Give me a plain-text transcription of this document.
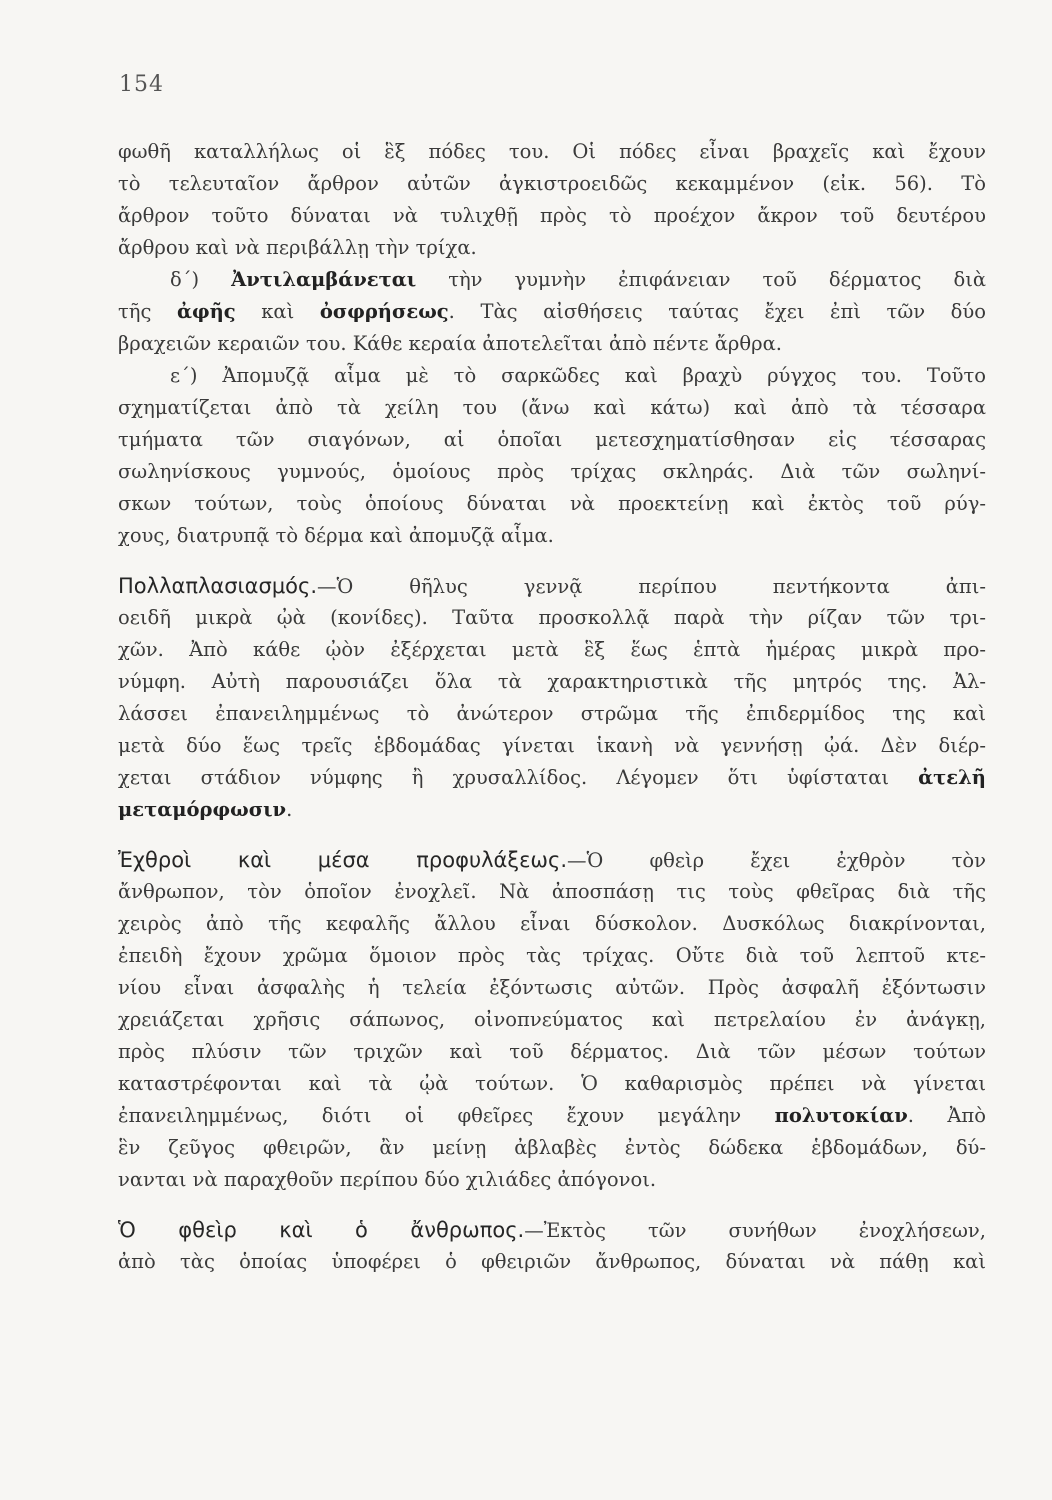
154
φωθῆ καταλλήλως οἱ ἓξ πόδες του. Οἱ πόδες εἶναι βραχεῖς καὶ ἔχουν
τὸ τελευταῖον ἄρθρον αὐτῶν ἀγκιστροειδῶς κεκαμμένον (εἰκ. 56). Τὸ
ἄρθρον τοῦτο δύναται νὰ τυλιχθῇ πρὸς τὸ προέχον ἄκρον τοῦ δευτέρου
ἄρθρου καὶ νὰ περιβάλλῃ τὴν τρίχα.
δ΄) Ἀντιλαμβάνεται τὴν γυμνὴν ἐπιφάνειαν τοῦ δέρματος διὰ
τῆς ἀφῆς καὶ ὀσφρήσεως. Τὰς αἰσθήσεις ταύτας ἔχει ἐπὶ τῶν δύο
βραχειῶν κεραιῶν του. Κάθε κεραία ἀποτελεῖται ἀπὸ πέντε ἄρθρα.
ε΄) Ἀπομυζᾷ αἷμα μὲ τὸ σαρκῶδες καὶ βραχὺ ρύγχος του. Τοῦτο
σχηματίζεται ἀπὸ τὰ χείλη του (ἄνω καὶ κάτω) καὶ ἀπὸ τὰ τέσσαρα
τμήματα τῶν σιαγόνων, αἱ ὁποῖαι μετεσχηματίσθησαν εἰς τέσσαρας
σωληνίσκους γυμνούς, ὁμοίους πρὸς τρίχας σκληράς. Διὰ τῶν σωληνί-
σκων τούτων, τοὺς ὁποίους δύναται νὰ προεκτείνῃ καὶ ἐκτὸς τοῦ ρύγ-
χους, διατρυπᾷ τὸ δέρμα καὶ ἀπομυζᾷ αἷμα.
Πολλαπλασιασμός.—Ὁ θῆλυς γεννᾷ περίπου πεντήκοντα ἀπι-
οειδῆ μικρὰ ᾠὰ (κονίδες). Ταῦτα προσκολλᾷ παρὰ τὴν ρίζαν τῶν τρι-
χῶν. Ἀπὸ κάθε ᾠὸν ἐξέρχεται μετὰ ἓξ ἕως ἑπτὰ ἡμέρας μικρὰ προ-
νύμφη. Αὐτὴ παρουσιάζει ὅλα τὰ χαρακτηριστικὰ τῆς μητρός της. Ἀλ-
λάσσει ἐπανειλημμένως τὸ ἀνώτερον στρῶμα τῆς ἐπιδερμίδος της καὶ
μετὰ δύο ἕως τρεῖς ἑβδομάδας γίνεται ἱκανὴ νὰ γεννήσῃ ᾠά. Δὲν διέρ-
χεται στάδιον νύμφης ἢ χρυσαλλίδος. Λέγομεν ὅτι ὑφίσταται ἀτελῆ
μεταμόρφωσιν.
Ἐχθροὶ καὶ μέσα προφυλάξεως.—Ὁ φθεὶρ ἔχει ἐχθρὸν τὸν
ἄνθρωπον, τὸν ὁποῖον ἐνοχλεῖ. Νὰ ἀποσπάσῃ τις τοὺς φθεῖρας διὰ τῆς
χειρὸς ἀπὸ τῆς κεφαλῆς ἄλλου εἶναι δύσκολον. Δυσκόλως διακρίνονται,
ἐπειδὴ ἔχουν χρῶμα ὅμοιον πρὸς τὰς τρίχας. Οὔτε διὰ τοῦ λεπτοῦ κτε-
νίου εἶναι ἀσφαλὴς ἡ τελεία ἐξόντωσις αὐτῶν. Πρὸς ἀσφαλῆ ἐξόντωσιν
χρειάζεται χρῆσις σάπωνος, οἰνοπνεύματος καὶ πετρελαίου ἐν ἀνάγκῃ,
πρὸς πλύσιν τῶν τριχῶν καὶ τοῦ δέρματος. Διὰ τῶν μέσων τούτων
καταστρέφονται καὶ τὰ ᾠὰ τούτων. Ὁ καθαρισμὸς πρέπει νὰ γίνεται
ἐπανειλημμένως, διότι οἱ φθεῖρες ἔχουν μεγάλην πολυτοκίαν. Ἀπὸ
ἓν ζεῦγος φθειρῶν, ἂν μείνῃ ἀβλαβὲς ἐντὸς δώδεκα ἑβδομάδων, δύ-
νανται νὰ παραχθοῦν περίπου δύο χιλιάδες ἀπόγονοι.
Ὁ φθεὶρ καὶ ὁ ἄνθρωπος.—Ἐκτὸς τῶν συνήθων ἐνοχλήσεων,
ἀπὸ τὰς ὁποίας ὑποφέρει ὁ φθειριῶν ἄνθρωπος, δύναται νὰ πάθῃ καὶ
